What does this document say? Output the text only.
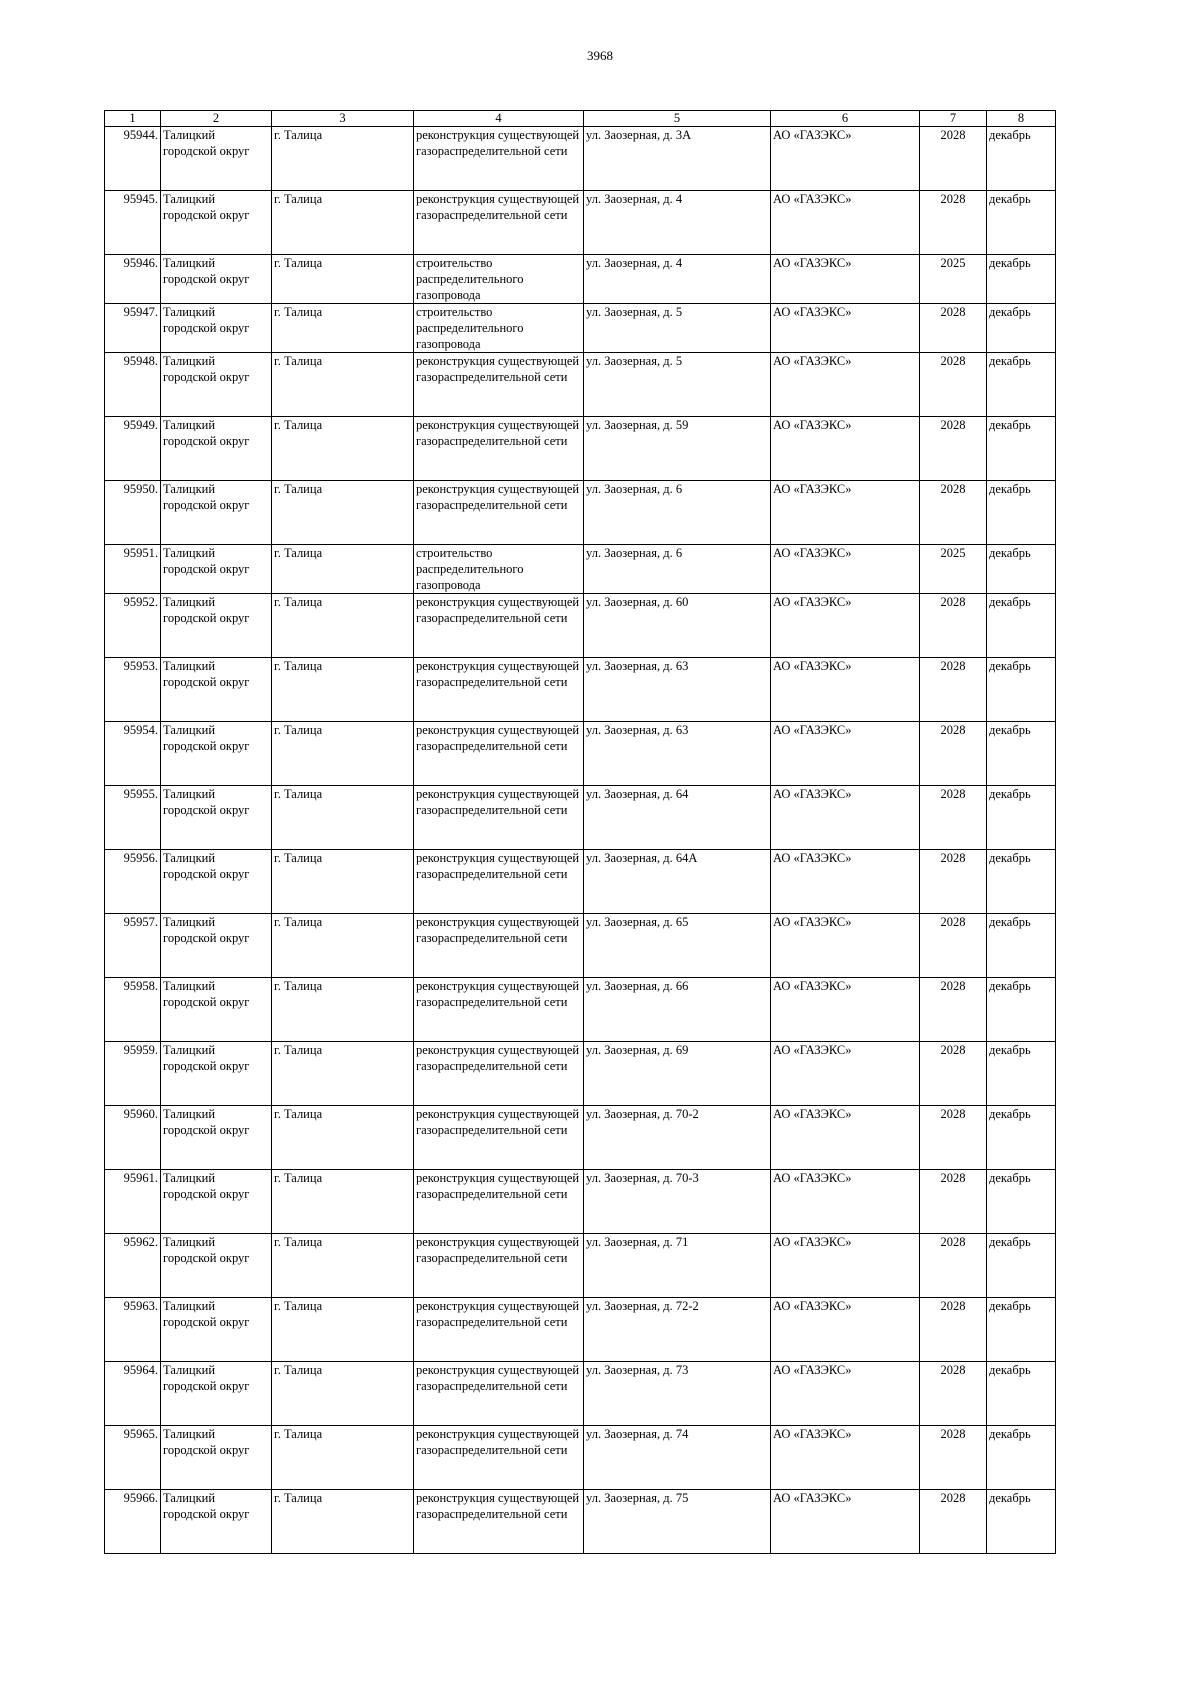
3968
1	2	3	4	5	6	7	8
95944.	Талицкий городской округ	г. Талица	реконструкция существующей газораспределительной сети	ул. Заозерная, д. 3А	АО «ГАЗЭКС»	2028	декабрь
95945.	Талицкий городской округ	г. Талица	реконструкция существующей газораспределительной сети	ул. Заозерная, д. 4	АО «ГАЗЭКС»	2028	декабрь
95946.	Талицкий городской округ	г. Талица	строительство распределительного газопровода	ул. Заозерная, д. 4	АО «ГАЗЭКС»	2025	декабрь
95947.	Талицкий городской округ	г. Талица	строительство распределительного газопровода	ул. Заозерная, д. 5	АО «ГАЗЭКС»	2028	декабрь
95948.	Талицкий городской округ	г. Талица	реконструкция существующей газораспределительной сети	ул. Заозерная, д. 5	АО «ГАЗЭКС»	2028	декабрь
95949.	Талицкий городской округ	г. Талица	реконструкция существующей газораспределительной сети	ул. Заозерная, д. 59	АО «ГАЗЭКС»	2028	декабрь
95950.	Талицкий городской округ	г. Талица	реконструкция существующей газораспределительной сети	ул. Заозерная, д. 6	АО «ГАЗЭКС»	2028	декабрь
95951.	Талицкий городской округ	г. Талица	строительство распределительного газопровода	ул. Заозерная, д. 6	АО «ГАЗЭКС»	2025	декабрь
95952.	Талицкий городской округ	г. Талица	реконструкция существующей газораспределительной сети	ул. Заозерная, д. 60	АО «ГАЗЭКС»	2028	декабрь
95953.	Талицкий городской округ	г. Талица	реконструкция существующей газораспределительной сети	ул. Заозерная, д. 63	АО «ГАЗЭКС»	2028	декабрь
95954.	Талицкий городской округ	г. Талица	реконструкция существующей газораспределительной сети	ул. Заозерная, д. 63	АО «ГАЗЭКС»	2028	декабрь
95955.	Талицкий городской округ	г. Талица	реконструкция существующей газораспределительной сети	ул. Заозерная, д. 64	АО «ГАЗЭКС»	2028	декабрь
95956.	Талицкий городской округ	г. Талица	реконструкция существующей газораспределительной сети	ул. Заозерная, д. 64А	АО «ГАЗЭКС»	2028	декабрь
95957.	Талицкий городской округ	г. Талица	реконструкция существующей газораспределительной сети	ул. Заозерная, д. 65	АО «ГАЗЭКС»	2028	декабрь
95958.	Талицкий городской округ	г. Талица	реконструкция существующей газораспределительной сети	ул. Заозерная, д. 66	АО «ГАЗЭКС»	2028	декабрь
95959.	Талицкий городской округ	г. Талица	реконструкция существующей газораспределительной сети	ул. Заозерная, д. 69	АО «ГАЗЭКС»	2028	декабрь
95960.	Талицкий городской округ	г. Талица	реконструкция существующей газораспределительной сети	ул. Заозерная, д. 70-2	АО «ГАЗЭКС»	2028	декабрь
95961.	Талицкий городской округ	г. Талица	реконструкция существующей газораспределительной сети	ул. Заозерная, д. 70-3	АО «ГАЗЭКС»	2028	декабрь
95962.	Талицкий городской округ	г. Талица	реконструкция существующей газораспределительной сети	ул. Заозерная, д. 71	АО «ГАЗЭКС»	2028	декабрь
95963.	Талицкий городской округ	г. Талица	реконструкция существующей газораспределительной сети	ул. Заозерная, д. 72-2	АО «ГАЗЭКС»	2028	декабрь
95964.	Талицкий городской округ	г. Талица	реконструкция существующей газораспределительной сети	ул. Заозерная, д. 73	АО «ГАЗЭКС»	2028	декабрь
95965.	Талицкий городской округ	г. Талица	реконструкция существующей газораспределительной сети	ул. Заозерная, д. 74	АО «ГАЗЭКС»	2028	декабрь
95966.	Талицкий городской округ	г. Талица	реконструкция существующей газораспределительной сети	ул. Заозерная, д. 75	АО «ГАЗЭКС»	2028	декабрь
